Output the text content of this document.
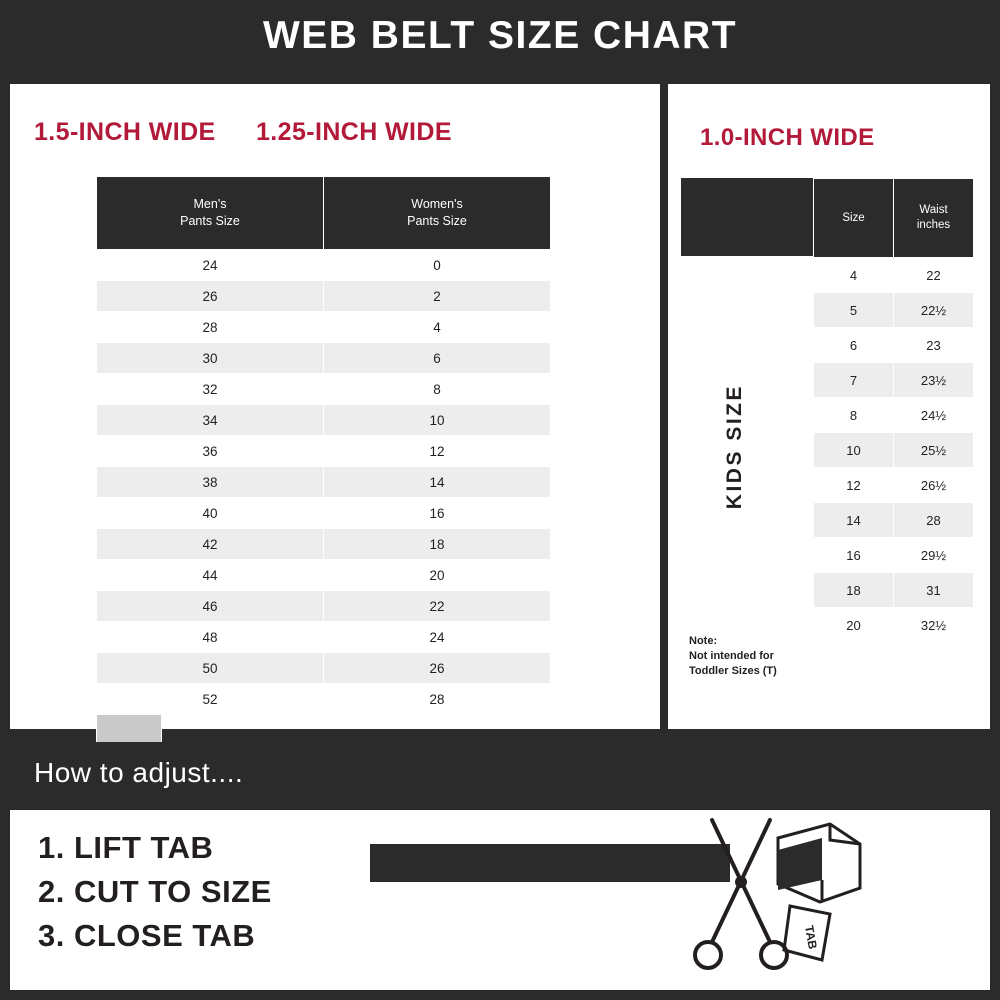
WEB BELT SIZE CHART
1.5-INCH WIDE 1.25-INCH WIDE
REGULAR SIZE
X-LARGE
Men's
Pants Size	Women's
Pants Size
24	0
26	2
28	4
30	6
32	8
34	10
36	12
38	14
40	16
42	18
44	20
46	22
48	24
50	26
52	28
1.0-INCH WIDE
KIDS SIZE
Note:
Not intended for
Toddler Sizes (T)
Size	Waist
inches
4	22
5	22½
6	23
7	23½
8	24½
10	25½
12	26½
14	28
16	29½
18	31
20	32½
How to adjust....
1. LIFT TAB
2. CUT TO SIZE
3. CLOSE TAB	TAB
